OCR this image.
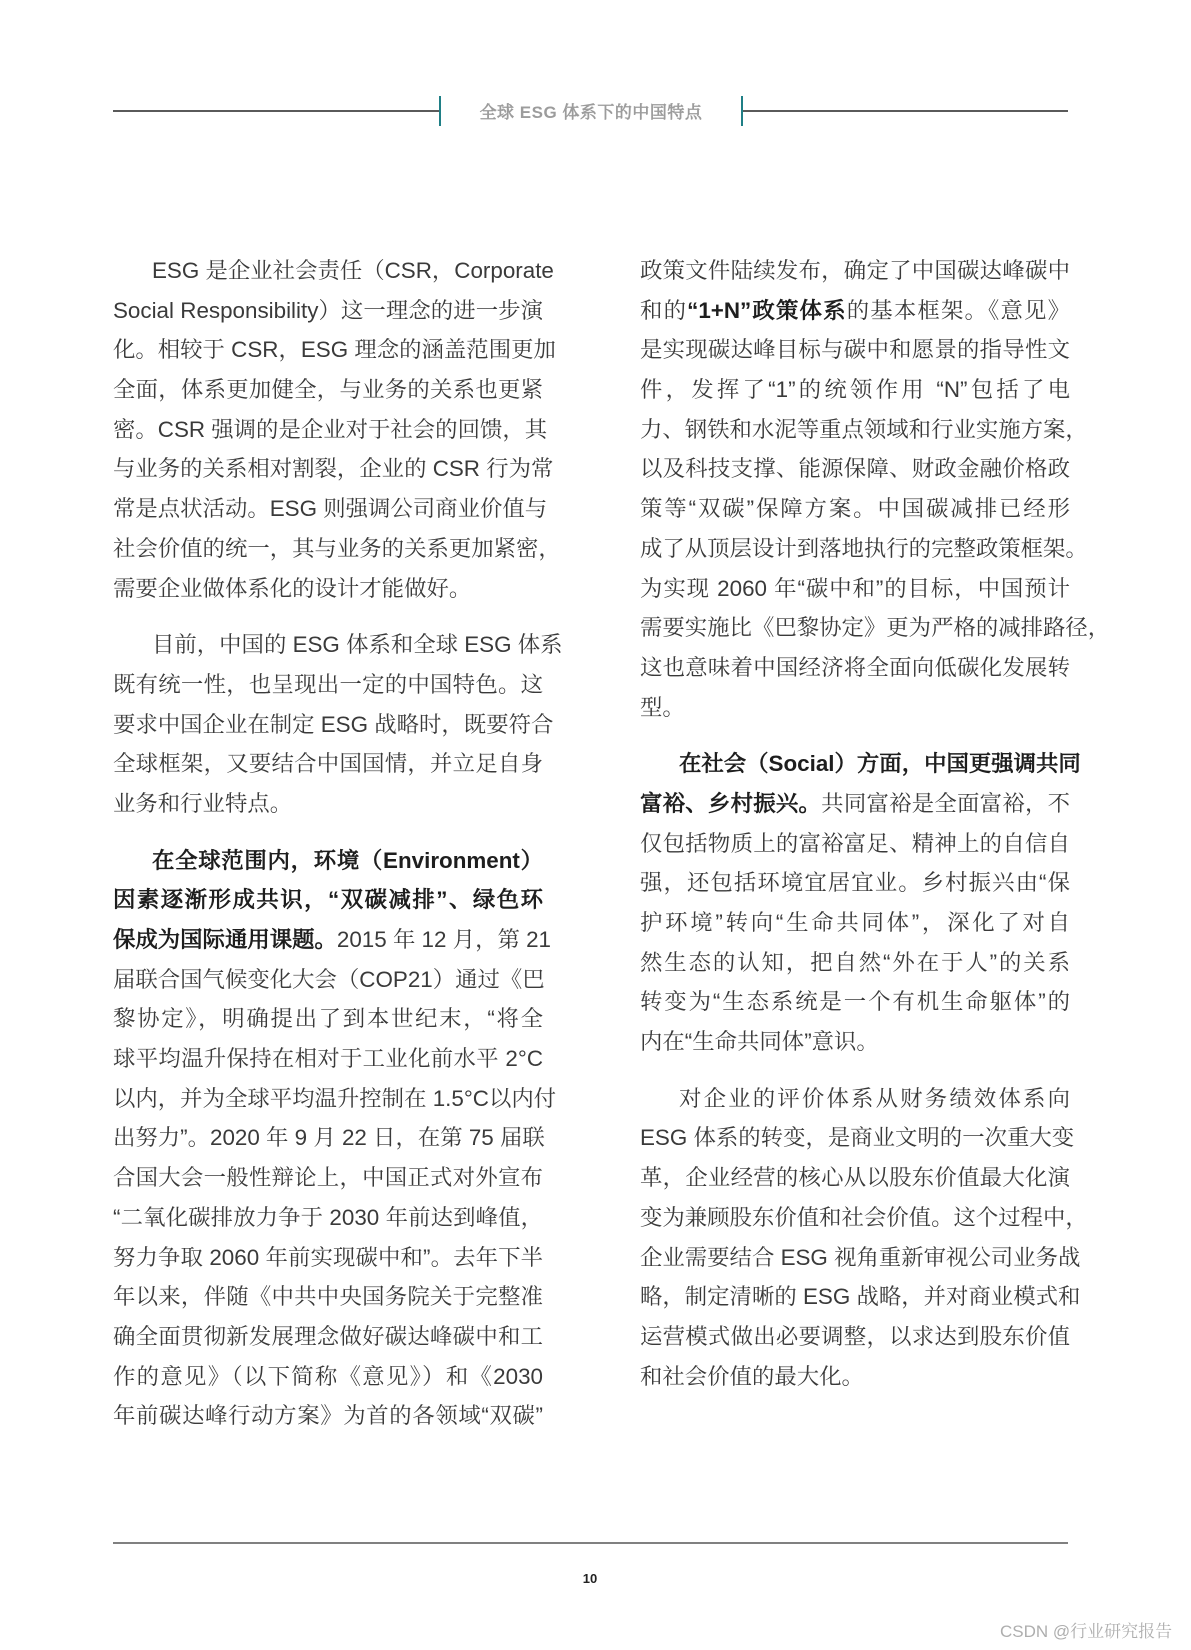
全球 ESG 体系下的中国特点
ESG 是企业社会责任（CSR，Corporate
Social Responsibility）这一理念的进一步演
化。相较于 CSR，ESG 理念的涵盖范围更加
全面，体系更加健全，与业务的关系也更紧
密。CSR 强调的是企业对于社会的回馈，其
与业务的关系相对割裂，企业的 CSR 行为常
常是点状活动。ESG 则强调公司商业价值与
社会价值的统一，其与业务的关系更加紧密，
需要企业做体系化的设计才能做好。
目前，中国的 ESG 体系和全球 ESG 体系
既有统一性，也呈现出一定的中国特色。这
要求中国企业在制定 ESG 战略时，既要符合
全球框架，又要结合中国国情，并立足自身
业务和行业特点。
在全球范围内，环境（Environment）
因素逐渐形成共识，“双碳减排”、绿色环
保成为国际通用课题。2015 年 12 月，第 21
届联合国气候变化大会（COP21）通过《巴
黎协定》，明确提出了到本世纪末，“将全
球平均温升保持在相对于工业化前水平 2°C
以内，并为全球平均温升控制在 1.5°C以内付
出努力”。2020 年 9 月 22 日，在第 75 届联
合国大会一般性辩论上，中国正式对外宣布
“二氧化碳排放力争于 2030 年前达到峰值，
努力争取 2060 年前实现碳中和”。去年下半
年以来，伴随《中共中央国务院关于完整准
确全面贯彻新发展理念做好碳达峰碳中和工
作的意见》（以下简称《意见》）和《2030
年前碳达峰行动方案》为首的各领域“双碳”
政策文件陆续发布，确定了中国碳达峰碳中
和的“1+N”政策体系的基本框架。《意见》
是实现碳达峰目标与碳中和愿景的指导性文
件，发挥了“1”的统领作用 “N”包括了电
力、钢铁和水泥等重点领域和行业实施方案，
以及科技支撑、能源保障、财政金融价格政
策等“双碳”保障方案。中国碳减排已经形
成了从顶层设计到落地执行的完整政策框架。
为实现 2060 年“碳中和”的目标，中国预计
需要实施比《巴黎协定》更为严格的减排路径，
这也意味着中国经济将全面向低碳化发展转
型。
在社会（Social）方面，中国更强调共同
富裕、乡村振兴。共同富裕是全面富裕，不
仅包括物质上的富裕富足、精神上的自信自
强，还包括环境宜居宜业。乡村振兴由“保
护环境”转向“生命共同体”，深化了对自
然生态的认知，把自然“外在于人”的关系
转变为“生态系统是一个有机生命躯体”的
内在“生命共同体”意识。
对企业的评价体系从财务绩效体系向
ESG 体系的转变，是商业文明的一次重大变
革，企业经营的核心从以股东价值最大化演
变为兼顾股东价值和社会价值。这个过程中，
企业需要结合 ESG 视角重新审视公司业务战
略，制定清晰的 ESG 战略，并对商业模式和
运营模式做出必要调整，以求达到股东价值
和社会价值的最大化。
10
CSDN @行业研究报告
